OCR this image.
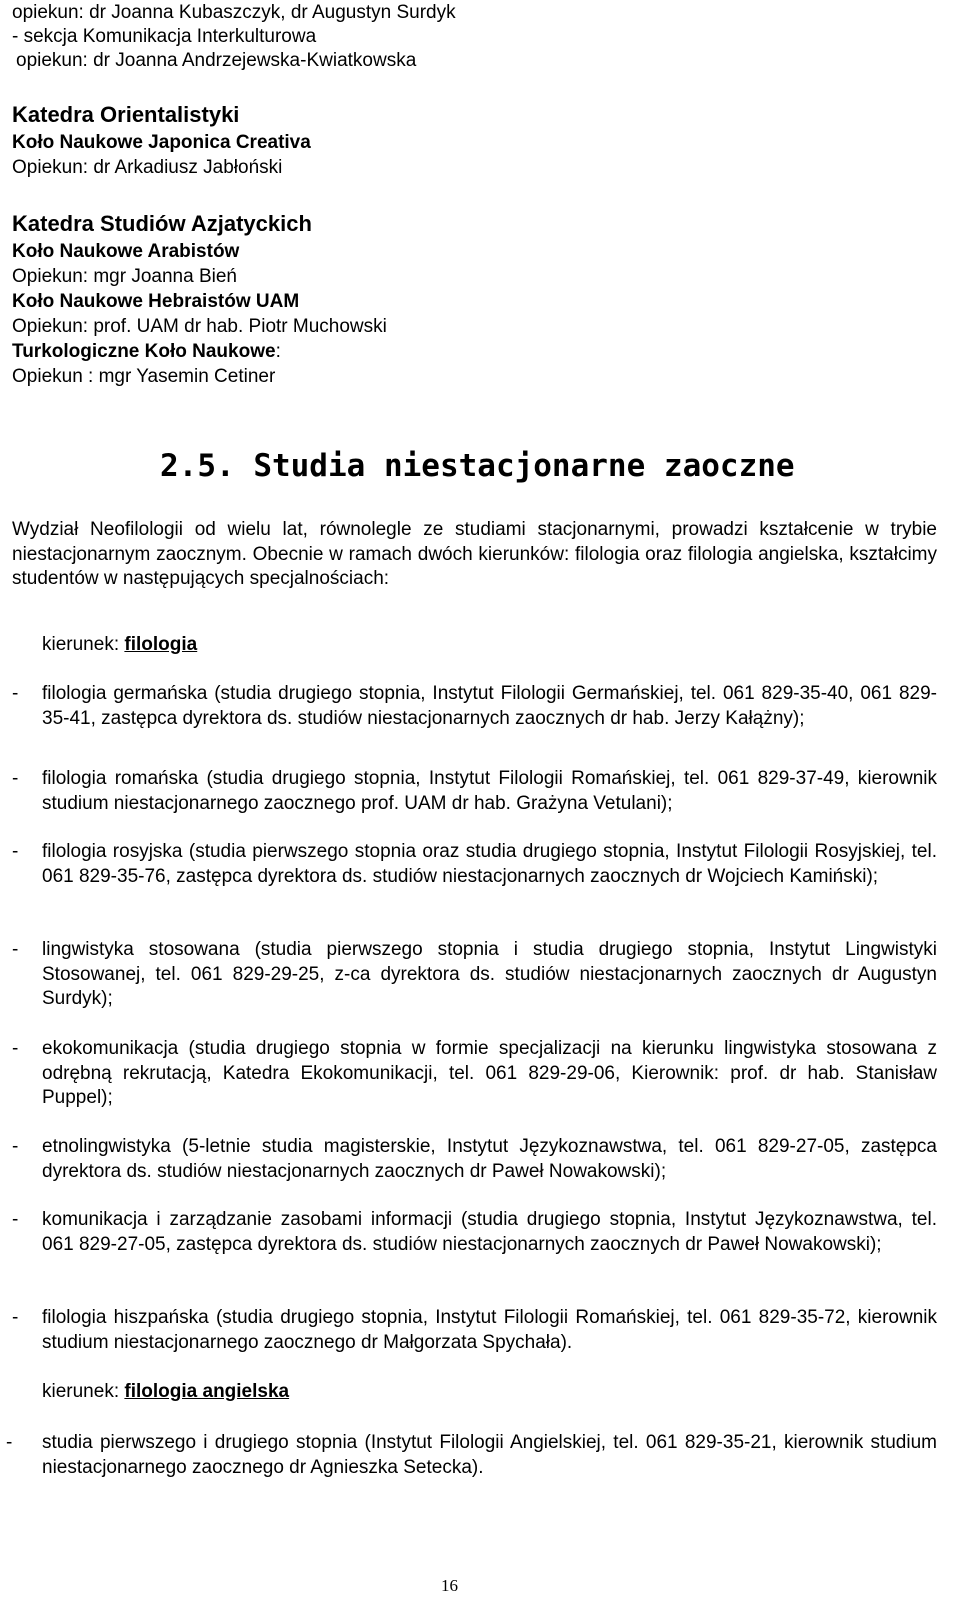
opiekun: dr Joanna Kubaszczyk, dr Augustyn Surdyk
- sekcja Komunikacja Interkulturowa
opiekun: dr Joanna Andrzejewska-Kwiatkowska
Katedra Orientalistyki
Koło Naukowe Japonica Creativa
Opiekun: dr Arkadiusz Jabłoński
Katedra Studiów Azjatyckich
Koło Naukowe Arabistów
Opiekun: mgr Joanna Bień
Koło Naukowe Hebraistów UAM
Opiekun: prof. UAM dr hab. Piotr Muchowski
Turkologiczne Koło Naukowe:
Opiekun : mgr Yasemin Cetiner
2.5. Studia niestacjonarne zaoczne
Wydział Neofilologii od wielu lat, równolegle ze studiami stacjonarnymi, prowadzi kształcenie w trybie niestacjonarnym zaocznym. Obecnie w ramach dwóch kierunków: filologia oraz filologia angielska, kształcimy studentów w następujących specjalnościach:
kierunek: filologia
- filologia germańska (studia drugiego stopnia, Instytut Filologii Germańskiej, tel. 061 829-35-40, 061 829-35-41, zastępca dyrektora ds. studiów niestacjonarnych zaocznych dr hab. Jerzy Kałążny);
- filologia romańska (studia drugiego stopnia, Instytut Filologii Romańskiej, tel. 061 829-37-49, kierownik studium niestacjonarnego zaocznego prof. UAM dr hab. Grażyna Vetulani);
- filologia rosyjska (studia pierwszego stopnia oraz studia drugiego stopnia, Instytut Filologii Rosyjskiej, tel. 061 829-35-76, zastępca dyrektora ds. studiów niestacjonarnych zaocznych dr Wojciech Kamiński);
- lingwistyka stosowana (studia pierwszego stopnia i studia drugiego stopnia, Instytut Lingwistyki Stosowanej, tel. 061 829-29-25, z-ca dyrektora ds. studiów niestacjonarnych zaocznych dr Augustyn Surdyk);
- ekokomunikacja (studia drugiego stopnia w formie specjalizacji na kierunku lingwistyka stosowana z odrębną rekrutacją, Katedra Ekokomunikacji, tel. 061 829-29-06, Kierownik: prof. dr hab. Stanisław Puppel);
- etnolingwistyka (5-letnie studia magisterskie, Instytut Językoznawstwa, tel. 061 829-27-05, zastępca dyrektora ds. studiów niestacjonarnych zaocznych dr Paweł Nowakowski);
- komunikacja i zarządzanie zasobami informacji (studia drugiego stopnia, Instytut Językoznawstwa, tel. 061 829-27-05, zastępca dyrektora ds. studiów niestacjonarnych zaocznych dr Paweł Nowakowski);
- filologia hiszpańska (studia drugiego stopnia, Instytut Filologii Romańskiej, tel. 061 829-35-72, kierownik studium niestacjonarnego zaocznego dr Małgorzata Spychała).
kierunek: filologia angielska
- studia pierwszego i drugiego stopnia (Instytut Filologii Angielskiej, tel. 061 829-35-21, kierownik studium niestacjonarnego zaocznego dr Agnieszka Setecka).
16
